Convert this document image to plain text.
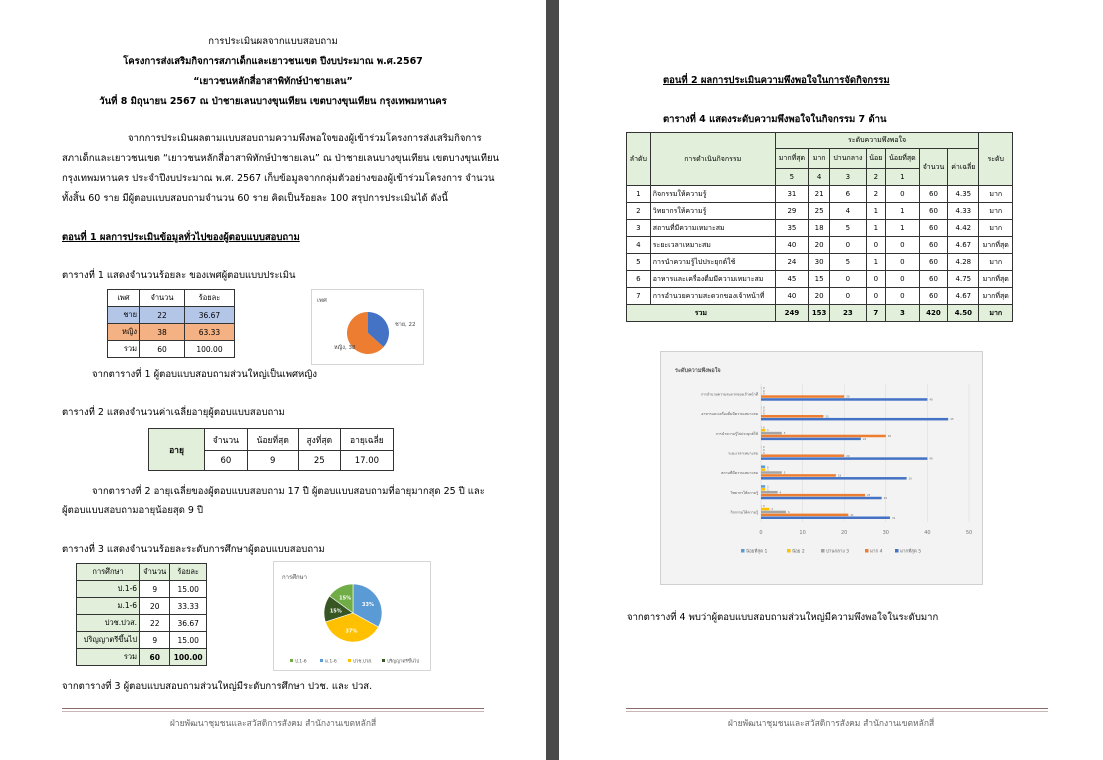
การประเมินผลจากแบบสอบถาม
โครงการส่งเสริมกิจการสภาเด็กและเยาวชนเขต ปีงบประมาณ พ.ศ.2567
“เยาวชนหลักสี่อาสาพิทักษ์ป่าชายเลน”
วันที่ 8 มิถุนายน 2567 ณ ป่าชายเลนบางขุนเทียน เขตบางขุนเทียน กรุงเทพมหานคร
จากการประเมินผลตามแบบสอบถามความพึงพอใจของผู้เข้าร่วมโครงการส่งเสริมกิจการ
สภาเด็กและเยาวชนเขต “เยาวชนหลักสี่อาสาพิทักษ์ป่าชายเลน” ณ ป่าชายเลนบางขุนเทียน เขตบางขุนเทียน
กรุงเทพมหานคร ประจำปีงบประมาณ พ.ศ. 2567 เก็บข้อมูลจากกลุ่มตัวอย่างของผู้เข้าร่วมโครงการ จำนวน
ทั้งสิ้น 60 ราย มีผู้ตอบแบบสอบถามจำนวน 60 ราย คิดเป็นร้อยละ 100 สรุปการประเมินได้ ดังนี้
ตอนที่ 1 ผลการประเมินข้อมูลทั่วไปของผู้ตอบแบบสอบถาม
ตารางที่ 1 แสดงจำนวนร้อยละ ของเพศผู้ตอบแบบประเมิน
เพศ	จำนวน	ร้อยละ
ชาย	22	36.67
หญิง	38	63.33
รวม	60	100.00
เพศ
ชาย, 22
หญิง, 38
จากตารางที่ 1 ผู้ตอบแบบสอบถามส่วนใหญ่เป็นเพศหญิง
ตารางที่ 2 แสดงจำนวนค่าเฉลี่ยอายุผู้ตอบแบบสอบถาม
อายุ	จำนวน	น้อยที่สุด	สูงที่สุด	อายุเฉลี่ย
	60	9	25	17.00
จากตารางที่ 2 อายุเฉลี่ยของผู้ตอบแบบสอบถาม 17 ปี ผู้ตอบแบบสอบถามที่อายุมากสุด 25 ปี และ
ผู้ตอบแบบสอบถามอายุน้อยสุด 9 ปี
ตารางที่ 3 แสดงจำนวนร้อยละระดับการศึกษาผู้ตอบแบบสอบถาม
การศึกษา	จำนวน	ร้อยละ
ป.1-6	9	15.00
ม.1-6	20	33.33
ปวช.ปวส.	22	36.67
ปริญญาตรีขึ้นไป	9	15.00
รวม	60	100.00
การศึกษา
33%
37%
15%
15%
ป.1-6	ม.1-6	ปวช.ปวส.	ปริญญาตรีขึ้นไป
จากตารางที่ 3 ผู้ตอบแบบสอบถามส่วนใหญ่มีระดับการศึกษา ปวช. และ ปวส.
ฝ่ายพัฒนาชุมชนและสวัสดิการสังคม สำนักงานเขตหลักสี่
ตอนที่ 2 ผลการประเมินความพึงพอใจในการจัดกิจกรรม
ตารางที่ 4 แสดงระดับความพึงพอใจในกิจกรรม 7 ด้าน
ลำดับ	การดำเนินกิจกรรม	ระดับความพึงพอใจ							ระดับ
		มากที่สุด	มาก	ปานกลาง	น้อย	น้อยที่สุด	จำนวน	ค่าเฉลี่ย	
		5	4	3	2	1			
1	กิจกรรมให้ความรู้	31	21	6	2	0	60	4.35	มาก
2	วิทยากรให้ความรู้	29	25	4	1	1	60	4.33	มาก
3	สถานที่มีความเหมาะสม	35	18	5	1	1	60	4.42	มาก
4	ระยะเวลาเหมาะสม	40	20	0	0	0	60	4.67	มากที่สุด
5	การนำความรู้ไปประยุกต์ใช้	24	30	5	1	0	60	4.28	มาก
6	อาหารและเครื่องดื่มมีความเหมาะสม	45	15	0	0	0	60	4.75	มากที่สุด
7	การอำนวยความสะดวกของเจ้าหน้าที่	40	20	0	0	0	60	4.67	มากที่สุด
รวม		249	153	23	7	3	420	4.50	มาก
ระดับความพึงพอใจ
0	10	20	30	40	50
การอำนวยความสะดวกของเจ้าหน้าที่
0
0
0
20
40
อาหารและเครื่องดื่มมีความเหมาะสม
0
0
0
15
45
การนำความรู้ไปประยุกต์ใช้
0
1
5
30
24
ระยะเวลาเหมาะสม
0
0
0
20
40
สถานที่มีความเหมาะสม
1
1
5
18
35
วิทยากรให้ความรู้
1
1
4
25
29
กิจกรรมให้ความรู้
0
2
6
21
31
น้อยที่สุด 1	น้อย 2	ปานกลาง 3	มาก 4	มากที่สุด 5
จากตารางที่ 4 พบว่าผู้ตอบแบบสอบถามส่วนใหญ่มีความพึงพอใจในระดับมาก
ฝ่ายพัฒนาชุมชนและสวัสดิการสังคม สำนักงานเขตหลักสี่
